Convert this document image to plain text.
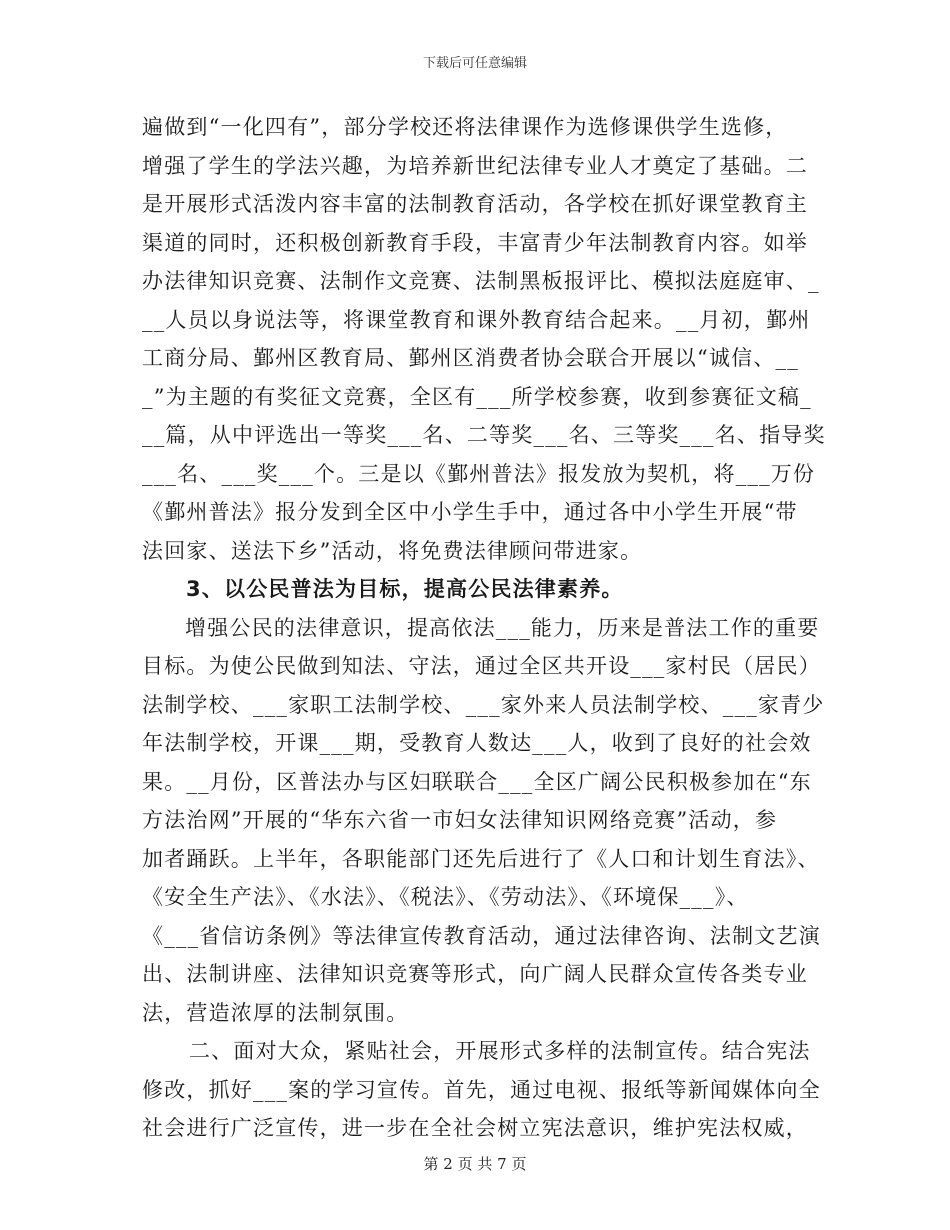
下载后可任意编辑
遍做到“一化四有”，部分学校还将法律课作为选修课供学生选修，
增强了学生的学法兴趣，为培养新世纪法律专业人才奠定了基础。二
是开展形式活泼内容丰富的法制教育活动，各学校在抓好课堂教育主
渠道的同时，还积极创新教育手段，丰富青少年法制教育内容。如举
办法律知识竞赛、法制作文竞赛、法制黑板报评比、模拟法庭庭审、_
__人员以身说法等，将课堂教育和课外教育结合起来。__月初，鄞州
工商分局、鄞州区教育局、鄞州区消费者协会联合开展以“诚信、__
_”为主题的有奖征文竞赛，全区有___所学校参赛，收到参赛征文稿_
__篇，从中评选出一等奖___名、二等奖___名、三等奖___名、指导奖
___名、___奖___个。三是以《鄞州普法》报发放为契机，将___万份
《鄞州普法》报分发到全区中小学生手中，通过各中小学生开展“带
法回家、送法下乡”活动，将免费法律顾问带进家。
3、以公民普法为目标，提高公民法律素养。
增强公民的法律意识，提高依法___能力，历来是普法工作的重要
目标。为使公民做到知法、守法，通过全区共开设___家村民（居民）
法制学校、___家职工法制学校、___家外来人员法制学校、___家青少
年法制学校，开课___期，受教育人数达___人，收到了良好的社会效
果。__月份，区普法办与区妇联联合___全区广阔公民积极参加在“东
方法治网”开展的“华东六省一市妇女法律知识网络竞赛”活动，参
加者踊跃。上半年，各职能部门还先后进行了《人口和计划生育法》、
《安全生产法》、《水法》、《税法》、《劳动法》、《环境保___》、
《___省信访条例》等法律宣传教育活动，通过法律咨询、法制文艺演
出、法制讲座、法律知识竞赛等形式，向广阔人民群众宣传各类专业
法，营造浓厚的法制氛围。
二、面对大众，紧贴社会，开展形式多样的法制宣传。结合宪法
修改，抓好___案的学习宣传。首先，通过电视、报纸等新闻媒体向全
社会进行广泛宣传，进一步在全社会树立宪法意识，维护宪法权威，
第 2 页 共 7 页
